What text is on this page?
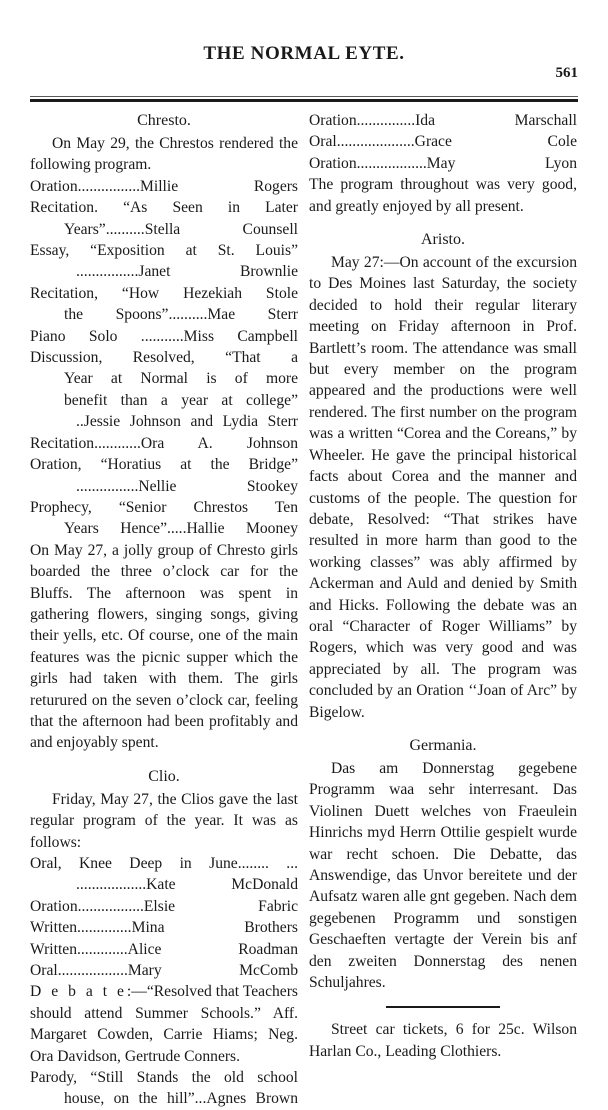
THE NORMAL EYTE.
561
Chresto.

On May 29, the Chrestos rendered the following program.

Oration................Millie Rogers
Recitation. “As Seen in Later
Years”..........Stella Counsell
Essay, “Exposition at St. Louis”
................Janet Brownlie
Recitation, “How Hezekiah Stole
the Spoons”..........Mae Sterr
Piano Solo ...........Miss Campbell
Discussion, Resolved, “That a
Year at Normal is of more
benefit than a year at college”
..Jessie Johnson and Lydia Sterr
Recitation............Ora A. Johnson
Oration, “Horatius at the Bridge”
................Nellie Stookey
Prophecy, “Senior Chrestos Ten
Years Hence”.....Hallie Mooney

On May 27, a jolly group of Chresto girls boarded the three o’clock car for the Bluffs. The afternoon was spent in gathering flowers, singing songs, giving their yells, etc. Of course, one of the main features was the picnic supper which the girls had taken with them. The girls returured on the seven o’clock car, feeling that the afternoon had been profitably and and enjoyably spent.

Clio.

Friday, May 27, the Clios gave the last regular program of the year. It was as follows:

Oral, Knee Deep in June........ ...
..................Kate McDonald
Oration.................Elsie Fabric
Written..............Mina Brothers
Written.............Alice Roadman
Oral..................Mary McComb

D e b a t e:—“Resolved that Teachers should attend Summer Schools.” Aff. Margaret Cowden, Carrie Hiams; Neg. Ora Davidson, Gertrude Conners.

Parody, “Still Stands the old school
house, on the hill”...Agnes Brown
Oration...............Ida Marschall
Oral....................Grace Cole
Oration..................May Lyon

The program throughout was very good, and greatly enjoyed by all present.

Aristo.

May 27:—On account of the excursion to Des Moines last Saturday, the society decided to hold their regular literary meeting on Friday afternoon in Prof. Bartlett’s room. The attendance was small but every member on the program appeared and the productions were well rendered. The first number on the program was a written “Corea and the Coreans,” by Wheeler. He gave the principal historical facts about Corea and the manner and customs of the people. The question for debate, Resolved: “That strikes have resulted in more harm than good to the working classes” was ably affirmed by Ackerman and Auld and denied by Smith and Hicks. Following the debate was an oral “Character of Roger Williams” by Rogers, which was very good and was appreciated by all. The program was concluded by an Oration ‘‘Joan of Arc” by Bigelow.

Germania.

Das am Donnerstag gegebene Programm waa sehr interresant. Das Violinen Duett welches von Fraeulein Hinrichs myd Herrn Ottilie gespielt wurde war recht schoen. Die Debatte, das Answendige, das Unvor bereitete und der Aufsatz waren alle gnt gegeben. Nach dem gegebenen Programm und sonstigen Geschaeften vertagte der Verein bis anf den zweiten Donnerstag des nenen Schuljahres.

Street car tickets, 6 for 25c. Wilson Harlan Co., Leading Clothiers.
